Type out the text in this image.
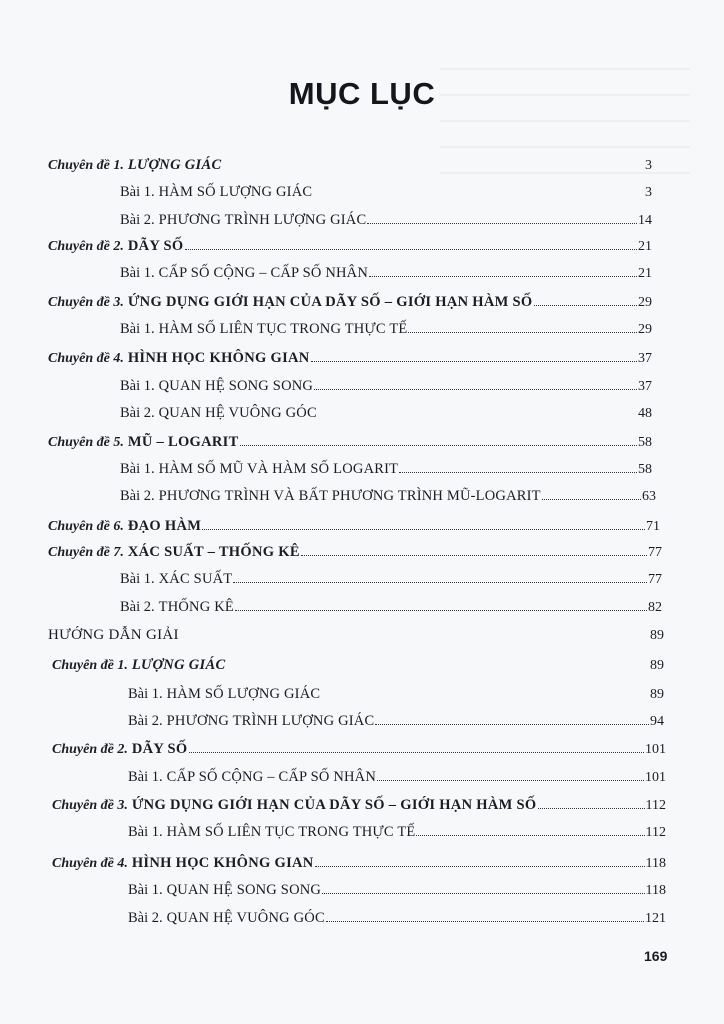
MỤC LỤC
Chuyên đề 1. LƯỢNG GIÁC	3
Bài 1. HÀM SỐ LƯỢNG GIÁC	3
Bài 2. PHƯƠNG TRÌNH LƯỢNG GIÁC	14
Chuyên đề 2. DÃY SỐ	21
Bài 1. CẤP SỐ CỘNG – CẤP SỐ NHÂN	21
Chuyên đề 3. ỨNG DỤNG GIỚI HẠN CỦA DÃY SỐ – GIỚI HẠN HÀM SỐ	29
Bài 1. HÀM SỐ LIÊN TỤC TRONG THỰC TẾ	29
Chuyên đề 4. HÌNH HỌC KHÔNG GIAN	37
Bài 1. QUAN HỆ SONG SONG	37
Bài 2. QUAN HỆ VUÔNG GÓC	48
Chuyên đề 5. MŨ – LOGARIT	58
Bài 1. HÀM SỐ MŨ VÀ HÀM SỐ LOGARIT	58
Bài 2. PHƯƠNG TRÌNH VÀ BẤT PHƯƠNG TRÌNH MŨ-LOGARIT	63
Chuyên đề 6. ĐẠO HÀM	71
Chuyên đề 7. XÁC SUẤT – THỐNG KÊ	77
Bài 1. XÁC SUẤT	77
Bài 2. THỐNG KÊ	82
HƯỚNG DẪN GIẢI	89
Chuyên đề 1. LƯỢNG GIÁC	89
Bài 1. HÀM SỐ LƯỢNG GIÁC	89
Bài 2. PHƯƠNG TRÌNH LƯỢNG GIÁC	94
Chuyên đề 2. DÃY SỐ	101
Bài 1. CẤP SỐ CỘNG – CẤP SỐ NHÂN	101
Chuyên đề 3. ỨNG DỤNG GIỚI HẠN CỦA DÃY SỐ – GIỚI HẠN HÀM SỐ	112
Bài 1. HÀM SỐ LIÊN TỤC TRONG THỰC TẾ	112
Chuyên đề 4. HÌNH HỌC KHÔNG GIAN	118
Bài 1. QUAN HỆ SONG SONG	118
Bài 2. QUAN HỆ VUÔNG GÓC	121
169
